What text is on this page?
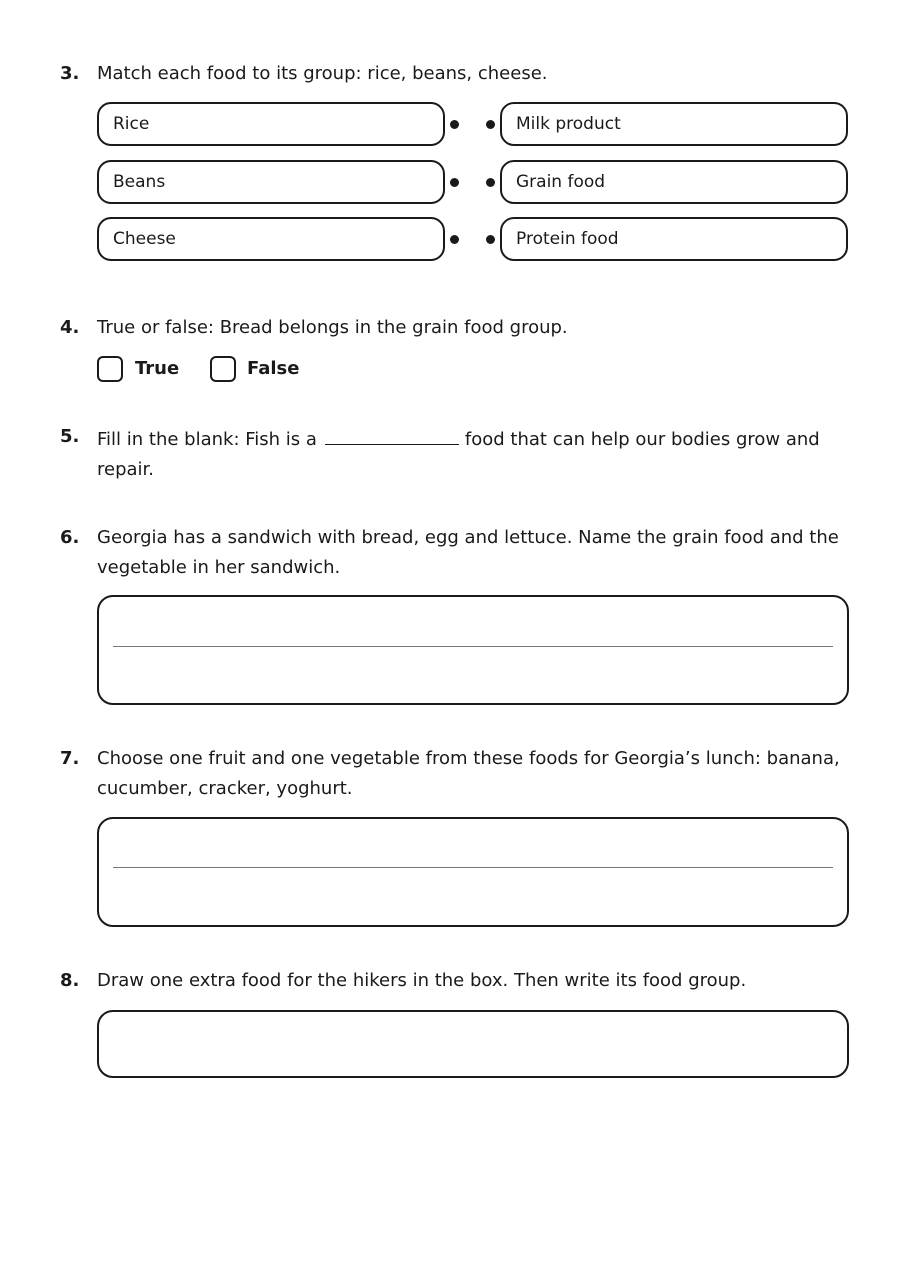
3. Match each food to its group: rice, beans, cheese.
Rice	Milk product
Beans	Grain food
Cheese	Protein food
4. True or false: Bread belongs in the grain food group.
True	False
5. Fill in the blank: Fish is a	food that can help our bodies grow and repair.
6. Georgia has a sandwich with bread, egg and lettuce. Name the grain food and the vegetable in her sandwich.
7. Choose one fruit and one vegetable from these foods for Georgia’s lunch: banana, cucumber, cracker, yoghurt.
8. Draw one extra food for the hikers in the box. Then write its food group.
